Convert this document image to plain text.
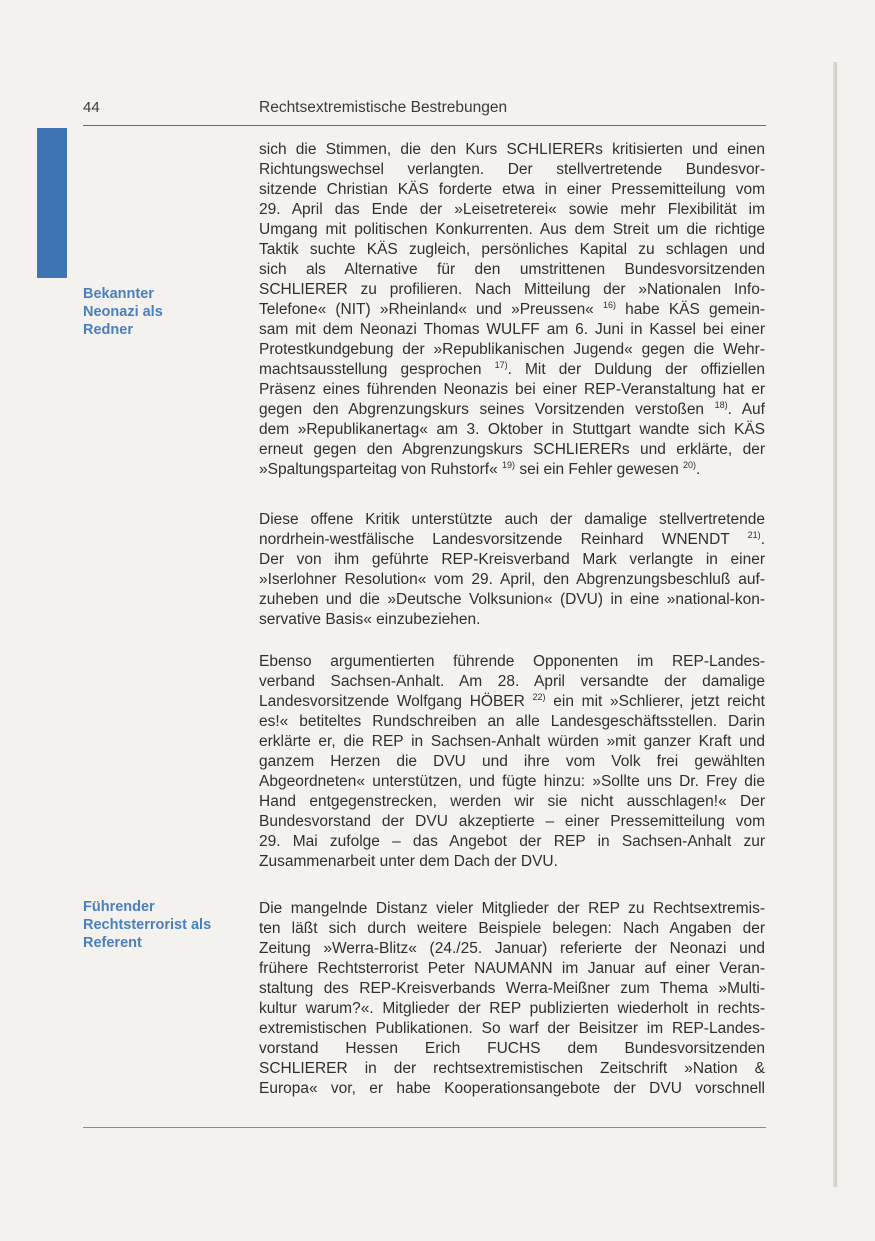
44	Rechtsextremistische Bestrebungen
Bekannter
Neonazi als
Redner
Führender
Rechtsterrorist als
Referent
sich die Stimmen, die den Kurs SCHLIERERs kritisierten und einen
Richtungswechsel verlangten. Der stellvertretende Bundesvor-
sitzende Christian KÄS forderte etwa in einer Pressemitteilung vom
29. April das Ende der »Leisetreterei« sowie mehr Flexibilität im
Umgang mit politischen Konkurrenten. Aus dem Streit um die richtige
Taktik suchte KÄS zugleich, persönliches Kapital zu schlagen und
sich als Alternative für den umstrittenen Bundesvorsitzenden
SCHLIERER zu profilieren. Nach Mitteilung der »Nationalen Info-
Telefone« (NIT) »Rheinland« und »Preussen« $^{16)}$ habe KÄS gemein-
sam mit dem Neonazi Thomas WULFF am 6. Juni in Kassel bei einer
Protestkundgebung der »Republikanischen Jugend« gegen die Wehr-
machtsausstellung gesprochen $^{17)}$. Mit der Duldung der offiziellen
Präsenz eines führenden Neonazis bei einer REP-Veranstaltung hat er
gegen den Abgrenzungskurs seines Vorsitzenden verstoßen $^{18)}$. Auf
dem »Republikanertag« am 3. Oktober in Stuttgart wandte sich KÄS
erneut gegen den Abgrenzungskurs SCHLIERERs und erklärte, der
»Spaltungsparteitag von Ruhstorf« $^{19)}$ sei ein Fehler gewesen $^{20)}$.
Diese offene Kritik unterstützte auch der damalige stellvertretende
nordrhein-westfälische Landesvorsitzende Reinhard WNENDT $^{21)}$.
Der von ihm geführte REP-Kreisverband Mark verlangte in einer
»Iserlohner Resolution« vom 29. April, den Abgrenzungsbeschluß auf-
zuheben und die »Deutsche Volksunion« (DVU) in eine »national-kon-
servative Basis« einzubeziehen.
Ebenso argumentierten führende Opponenten im REP-Landes-
verband Sachsen-Anhalt. Am 28. April versandte der damalige
Landesvorsitzende Wolfgang HÖBER $^{22)}$ ein mit »Schlierer, jetzt reicht
es!« betiteltes Rundschreiben an alle Landesgeschäftsstellen. Darin
erklärte er, die REP in Sachsen-Anhalt würden »mit ganzer Kraft und
ganzem Herzen die DVU und ihre vom Volk frei gewählten
Abgeordneten« unterstützen, und fügte hinzu: »Sollte uns Dr. Frey die
Hand entgegenstrecken, werden wir sie nicht ausschlagen!« Der
Bundesvorstand der DVU akzeptierte – einer Pressemitteilung vom
29. Mai zufolge – das Angebot der REP in Sachsen-Anhalt zur
Zusammenarbeit unter dem Dach der DVU.
Die mangelnde Distanz vieler Mitglieder der REP zu Rechtsextremis-
ten läßt sich durch weitere Beispiele belegen: Nach Angaben der
Zeitung »Werra-Blitz« (24./25. Januar) referierte der Neonazi und
frühere Rechtsterrorist Peter NAUMANN im Januar auf einer Veran-
staltung des REP-Kreisverbands Werra-Meißner zum Thema »Multi-
kultur warum?«. Mitglieder der REP publizierten wiederholt in rechts-
extremistischen Publikationen. So warf der Beisitzer im REP-Landes-
vorstand Hessen Erich FUCHS dem Bundesvorsitzenden
SCHLIERER in der rechtsextremistischen Zeitschrift »Nation &
Europa« vor, er habe Kooperationsangebote der DVU vorschnell
